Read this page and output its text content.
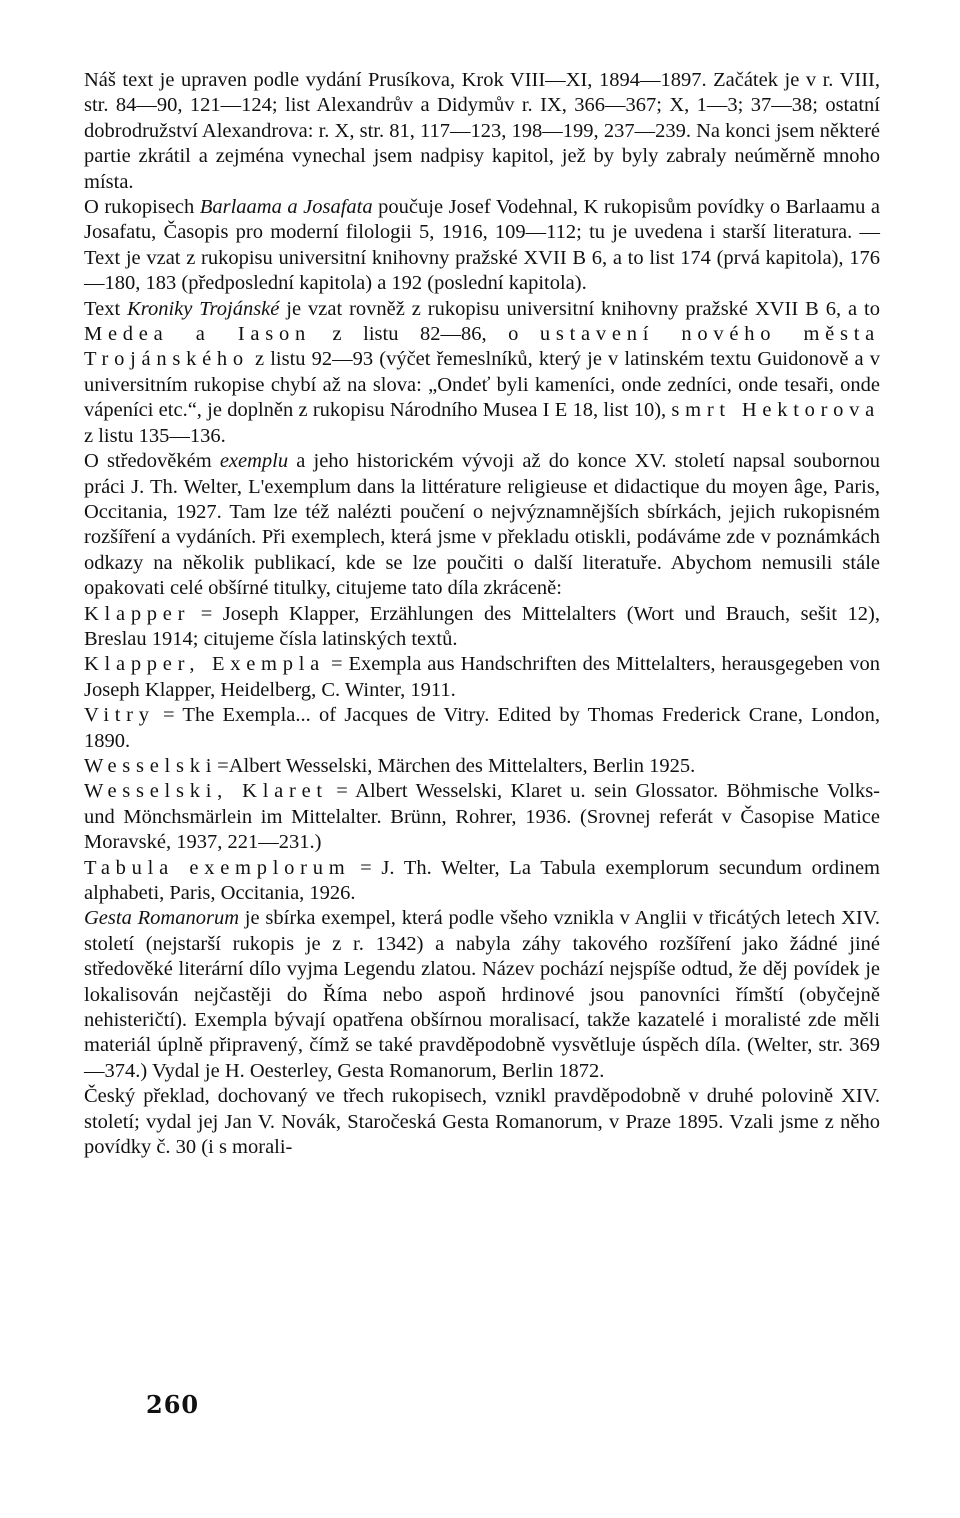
Náš text je upraven podle vydání Prusíkova, Krok VIII—XI, 1894—1897. Začátek je v r. VIII, str. 84—90, 121—124; list Alexandrův a Didymův r. IX, 366—367; X, 1—3; 37—38; ostatní dobrodružství Alexandrova: r. X, str. 81, 117—123, 198—199, 237—239. Na konci jsem některé partie zkrátil a zejména vynechal jsem nadpisy kapitol, jež by byly zabraly neúměrně mnoho místa.

O rukopisech Barlaama a Josafata poučuje Josef Vodehnal, K rukopisům povídky o Barlaamu a Josafatu, Časopis pro moderní filologii 5, 1916, 109—112; tu je uvedena i starší literatura. — Text je vzat z rukopisu universitní knihovny pražské XVII B 6, a to list 174 (prvá kapitola), 176—180, 183 (předposlední kapitola) a 192 (poslední kapitola).

Text Kroniky Trojánské je vzat rovněž z rukopisu universitní knihovny pražské XVII B 6, a to Medea a Iason z listu 82—86, o ustavení nového města Trojánského z listu 92—93 (výčet řemeslníků, který je v latinském textu Guidonově a v universitním rukopise chybí až na slova: „Ondeť byli kameníci, onde zedníci, onde tesaři, onde vápeníci etc.“, je doplněn z rukopisu Národního Musea I E 18, list 10), smrt Hektorova z listu 135—136.

O středověkém exemplu a jeho historickém vývoji až do konce XV. století napsal soubornou práci J. Th. Welter, L'exemplum dans la littérature religieuse et didactique du moyen âge, Paris, Occitania, 1927. Tam lze též nalézti poučení o nejvýznamnějších sbírkách, jejich rukopisném rozšíření a vydáních. Při exemplech, která jsme v překladu otiskli, podáváme zde v poznámkách odkazy na několik publikací, kde se lze poučiti o další literatuře. Abychom nemusili stále opakovati celé obšírné titulky, citujeme tato díla zkráceně:

Klapper = Joseph Klapper, Erzählungen des Mittelalters (Wort und Brauch, sešit 12), Breslau 1914; citujeme čísla latinských textů.

Klapper, Exempla = Exempla aus Handschriften des Mittelalters, herausgegeben von Joseph Klapper, Heidelberg, C. Winter, 1911.

Vitry = The Exempla... of Jacques de Vitry. Edited by Thomas Frederick Crane, London, 1890.

Wesselski=Albert Wesselski, Märchen des Mittelalters, Berlin 1925.

Wesselski, Klaret = Albert Wesselski, Klaret u. sein Glossator. Böhmische Volks- und Mönchsmärlein im Mittelalter. Brünn, Rohrer, 1936. (Srovnej referát v Časopise Matice Moravské, 1937, 221—231.)

Tabula exemplorum = J. Th. Welter, La Tabula exemplorum secundum ordinem alphabeti, Paris, Occitania, 1926.

Gesta Romanorum je sbírka exempel, která podle všeho vznikla v Anglii v třicátých letech XIV. století (nejstarší rukopis je z r. 1342) a nabyla záhy takového rozšíření jako žádné jiné středověké literární dílo vyjma Legendu zlatou. Název pochází nejspíše odtud, že děj povídek je lokalisován nejčastěji do Říma nebo aspoň hrdinové jsou panovníci římští (obyčejně nehisteričtí). Exempla bývají opatřena obšírnou moralisací, takže kazatelé i moralisté zde měli materiál úplně připravený, čímž se také pravděpodobně vysvětluje úspěch díla. (Welter, str. 369—374.) Vydal je H. Oesterley, Gesta Romanorum, Berlin 1872.

Český překlad, dochovaný ve třech rukopisech, vznikl pravděpodobně v druhé polovině XIV. století; vydal jej Jan V. Novák, Staročeská Gesta Romanorum, v Praze 1895. Vzali jsme z něho povídky č. 30 (i s morali-

260
